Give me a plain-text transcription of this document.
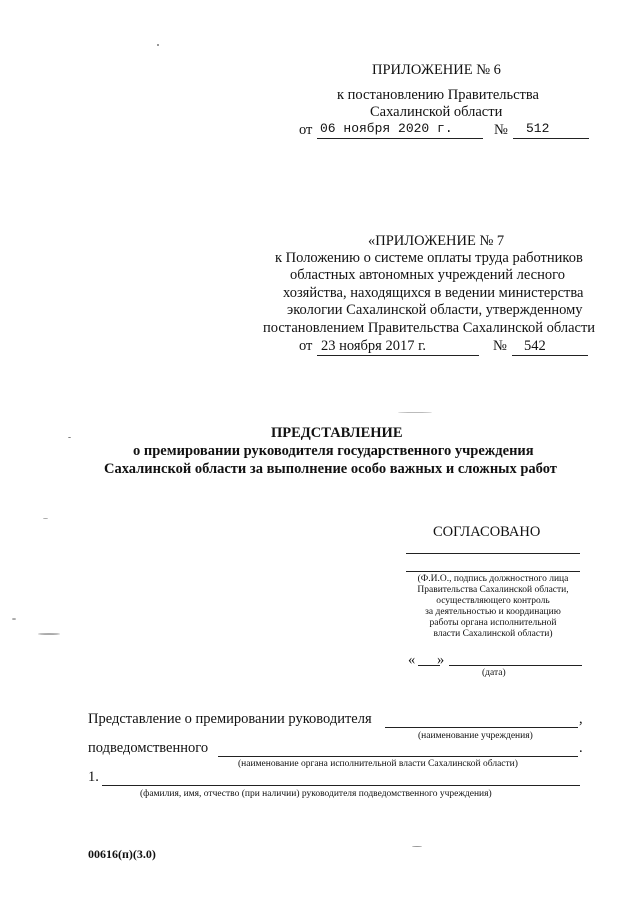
ПРИЛОЖЕНИЕ № 6
к постановлению Правительства
Сахалинской области
от 06 ноября 2020 г.	№ 512
«ПРИЛОЖЕНИЕ № 7
к Положению о системе оплаты труда работников
областных автономных учреждений лесного
хозяйства, находящихся в ведении министерства
экологии Сахалинской области, утвержденному
постановлением Правительства Сахалинской области
от 23 ноября 2017 г.	№ 542
ПРЕДСТАВЛЕНИЕ
о премировании руководителя государственного учреждения
Сахалинской области за выполнение особо важных и сложных работ
СОГЛАСОВАНО
(Ф.И.О., подпись должностного лица
Правительства Сахалинской области,
осуществляющего контроль
за деятельностью и координацию
работы органа исполнительной
власти Сахалинской области)
« »
(дата)
Представление о премировании руководителя	,
(наименование учреждения)
подведомственного	.
(наименование органа исполнительной власти Сахалинской области)
1.
(фамилия, имя, отчество (при наличии) руководителя подведомственного учреждения)
00616(п)(3.0)
